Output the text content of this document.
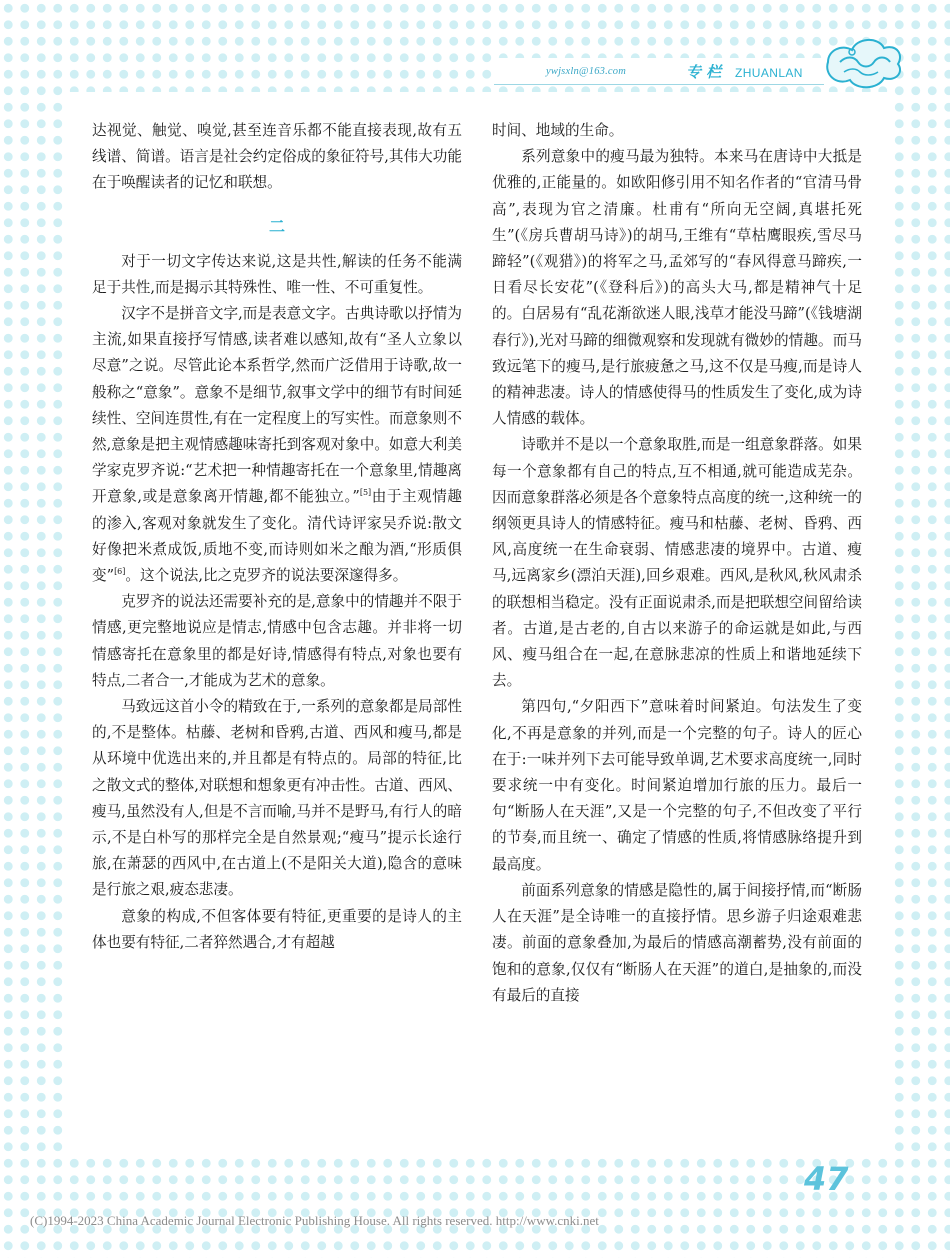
ywjsxln@163.com	专 栏 ZHUANLAN

达视觉、触觉、嗅觉,甚至连音乐都不能直接表现,故有五线谱、简谱。语言是社会约定俗成的象征符号,其伟大功能在于唤醒读者的记忆和联想。

二

对于一切文字传达来说,这是共性,解读的任务不能满足于共性,而是揭示其特殊性、唯一性、不可重复性。

汉字不是拼音文字,而是表意文字。古典诗歌以抒情为主流,如果直接抒写情感,读者难以感知,故有“圣人立象以尽意”之说。尽管此论本系哲学,然而广泛借用于诗歌,故一般称之“意象”。意象不是细节,叙事文学中的细节有时间延续性、空间连贯性,有在一定程度上的写实性。而意象则不然,意象是把主观情感趣味寄托到客观对象中。如意大利美学家克罗齐说:“艺术把一种情趣寄托在一个意象里,情趣离开意象,或是意象离开情趣,都不能独立。”[5]由于主观情趣的渗入,客观对象就发生了变化。清代诗评家吴乔说:散文好像把米煮成饭,质地不变,而诗则如米之酿为酒,“形质俱变”[6]。这个说法,比之克罗齐的说法要深邃得多。

克罗齐的说法还需要补充的是,意象中的情趣并不限于情感,更完整地说应是情志,情感中包含志趣。并非将一切情感寄托在意象里的都是好诗,情感得有特点,对象也要有特点,二者合一,才能成为艺术的意象。

马致远这首小令的精致在于,一系列的意象都是局部性的,不是整体。枯藤、老树和昏鸦,古道、西风和瘦马,都是从环境中优选出来的,并且都是有特点的。局部的特征,比之散文式的整体,对联想和想象更有冲击性。古道、西风、瘦马,虽然没有人,但是不言而喻,马并不是野马,有行人的暗示,不是白朴写的那样完全是自然景观;“瘦马”提示长途行旅,在萧瑟的西风中,在古道上(不是阳关大道),隐含的意味是行旅之艰,疲态悲凄。

意象的构成,不但客体要有特征,更重要的是诗人的主体也要有特征,二者猝然遇合,才有超越

时间、地域的生命。

系列意象中的瘦马最为独特。本来马在唐诗中大抵是优雅的,正能量的。如欧阳修引用不知名作者的“官清马骨高”,表现为官之清廉。杜甫有“所向无空阔,真堪托死生”(《房兵曹胡马诗》)的胡马,王维有“草枯鹰眼疾,雪尽马蹄轻”(《观猎》)的将军之马,孟郊写的“春风得意马蹄疾,一日看尽长安花”(《登科后》)的高头大马,都是精神气十足的。白居易有“乱花渐欲迷人眼,浅草才能没马蹄”(《钱塘湖春行》),光对马蹄的细微观察和发现就有微妙的情趣。而马致远笔下的瘦马,是行旅疲惫之马,这不仅是马瘦,而是诗人的精神悲凄。诗人的情感使得马的性质发生了变化,成为诗人情感的载体。

诗歌并不是以一个意象取胜,而是一组意象群落。如果每一个意象都有自己的特点,互不相通,就可能造成芜杂。因而意象群落必须是各个意象特点高度的统一,这种统一的纲领更具诗人的情感特征。瘦马和枯藤、老树、昏鸦、西风,高度统一在生命衰弱、情感悲凄的境界中。古道、瘦马,远离家乡(漂泊天涯),回乡艰难。西风,是秋风,秋风肃杀的联想相当稳定。没有正面说肃杀,而是把联想空间留给读者。古道,是古老的,自古以来游子的命运就是如此,与西风、瘦马组合在一起,在意脉悲凉的性质上和谐地延续下去。

第四句,“夕阳西下”意味着时间紧迫。句法发生了变化,不再是意象的并列,而是一个完整的句子。诗人的匠心在于:一味并列下去可能导致单调,艺术要求高度统一,同时要求统一中有变化。时间紧迫增加行旅的压力。最后一句“断肠人在天涯”,又是一个完整的句子,不但改变了平行的节奏,而且统一、确定了情感的性质,将情感脉络提升到最高度。

前面系列意象的情感是隐性的,属于间接抒情,而“断肠人在天涯”是全诗唯一的直接抒情。思乡游子归途艰难悲凄。前面的意象叠加,为最后的情感高潮蓄势,没有前面的饱和的意象,仅仅有“断肠人在天涯”的道白,是抽象的,而没有最后的直接

47
(C)1994-2023 China Academic Journal Electronic Publishing House. All rights reserved. http://www.cnki.net
